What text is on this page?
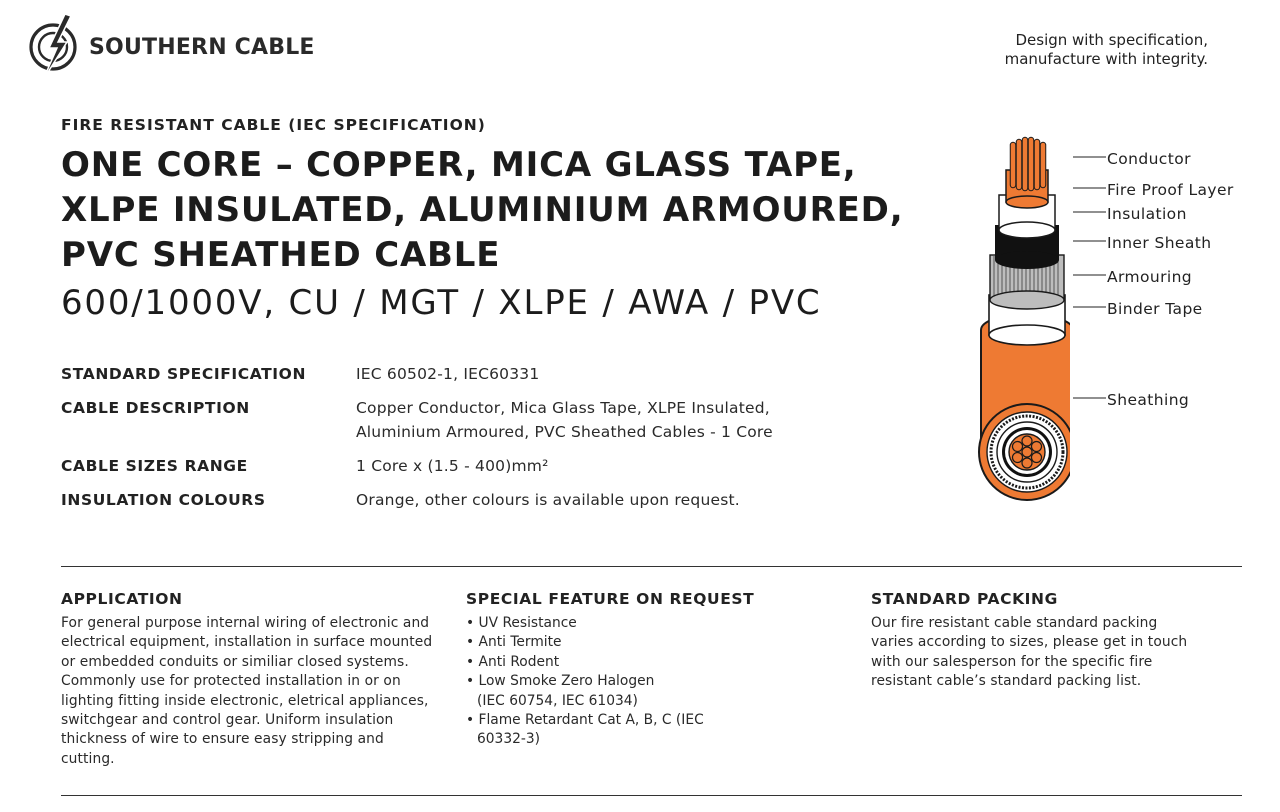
SOUTHERN CABLE	Design with specification,
manufacture with integrity.
FIRE RESISTANT CABLE (IEC SPECIFICATION)
ONE CORE – COPPER, MICA GLASS TAPE,
XLPE INSULATED, ALUMINIUM ARMOURED,
PVC SHEATHED CABLE
600/1000V, CU / MGT / XLPE / AWA / PVC
STANDARD SPECIFICATION	IEC 60502-1, IEC60331
CABLE DESCRIPTION	Copper Conductor, Mica Glass Tape, XLPE Insulated,
Aluminium Armoured, PVC Sheathed Cables - 1 Core
CABLE SIZES RANGE	1 Core x (1.5 - 400)mm²
INSULATION COLOURS	Orange, other colours is available upon request.
Conductor
Fire Proof Layer
Insulation
Inner Sheath
Armouring
Binder Tape
Sheathing
APPLICATION

For general purpose internal wiring of electronic and electrical equipment, installation in surface mounted or embedded conduits or similiar closed systems. Commonly use for protected installation in or on lighting fitting inside electronic, eletrical appliances, switchgear and control gear. Uniform insulation thickness of wire to ensure easy stripping and cutting.

SPECIAL FEATURE ON REQUEST
• UV Resistance
• Anti Termite
• Anti Rodent
• Low Smoke Zero Halogen (IEC 60754, IEC 61034)
• Flame Retardant Cat A, B, C (IEC 60332-3)
STANDARD PACKING

Our fire resistant cable standard packing varies according to sizes, please get in touch with our salesperson for the specific fire resistant cable’s standard packing list.
